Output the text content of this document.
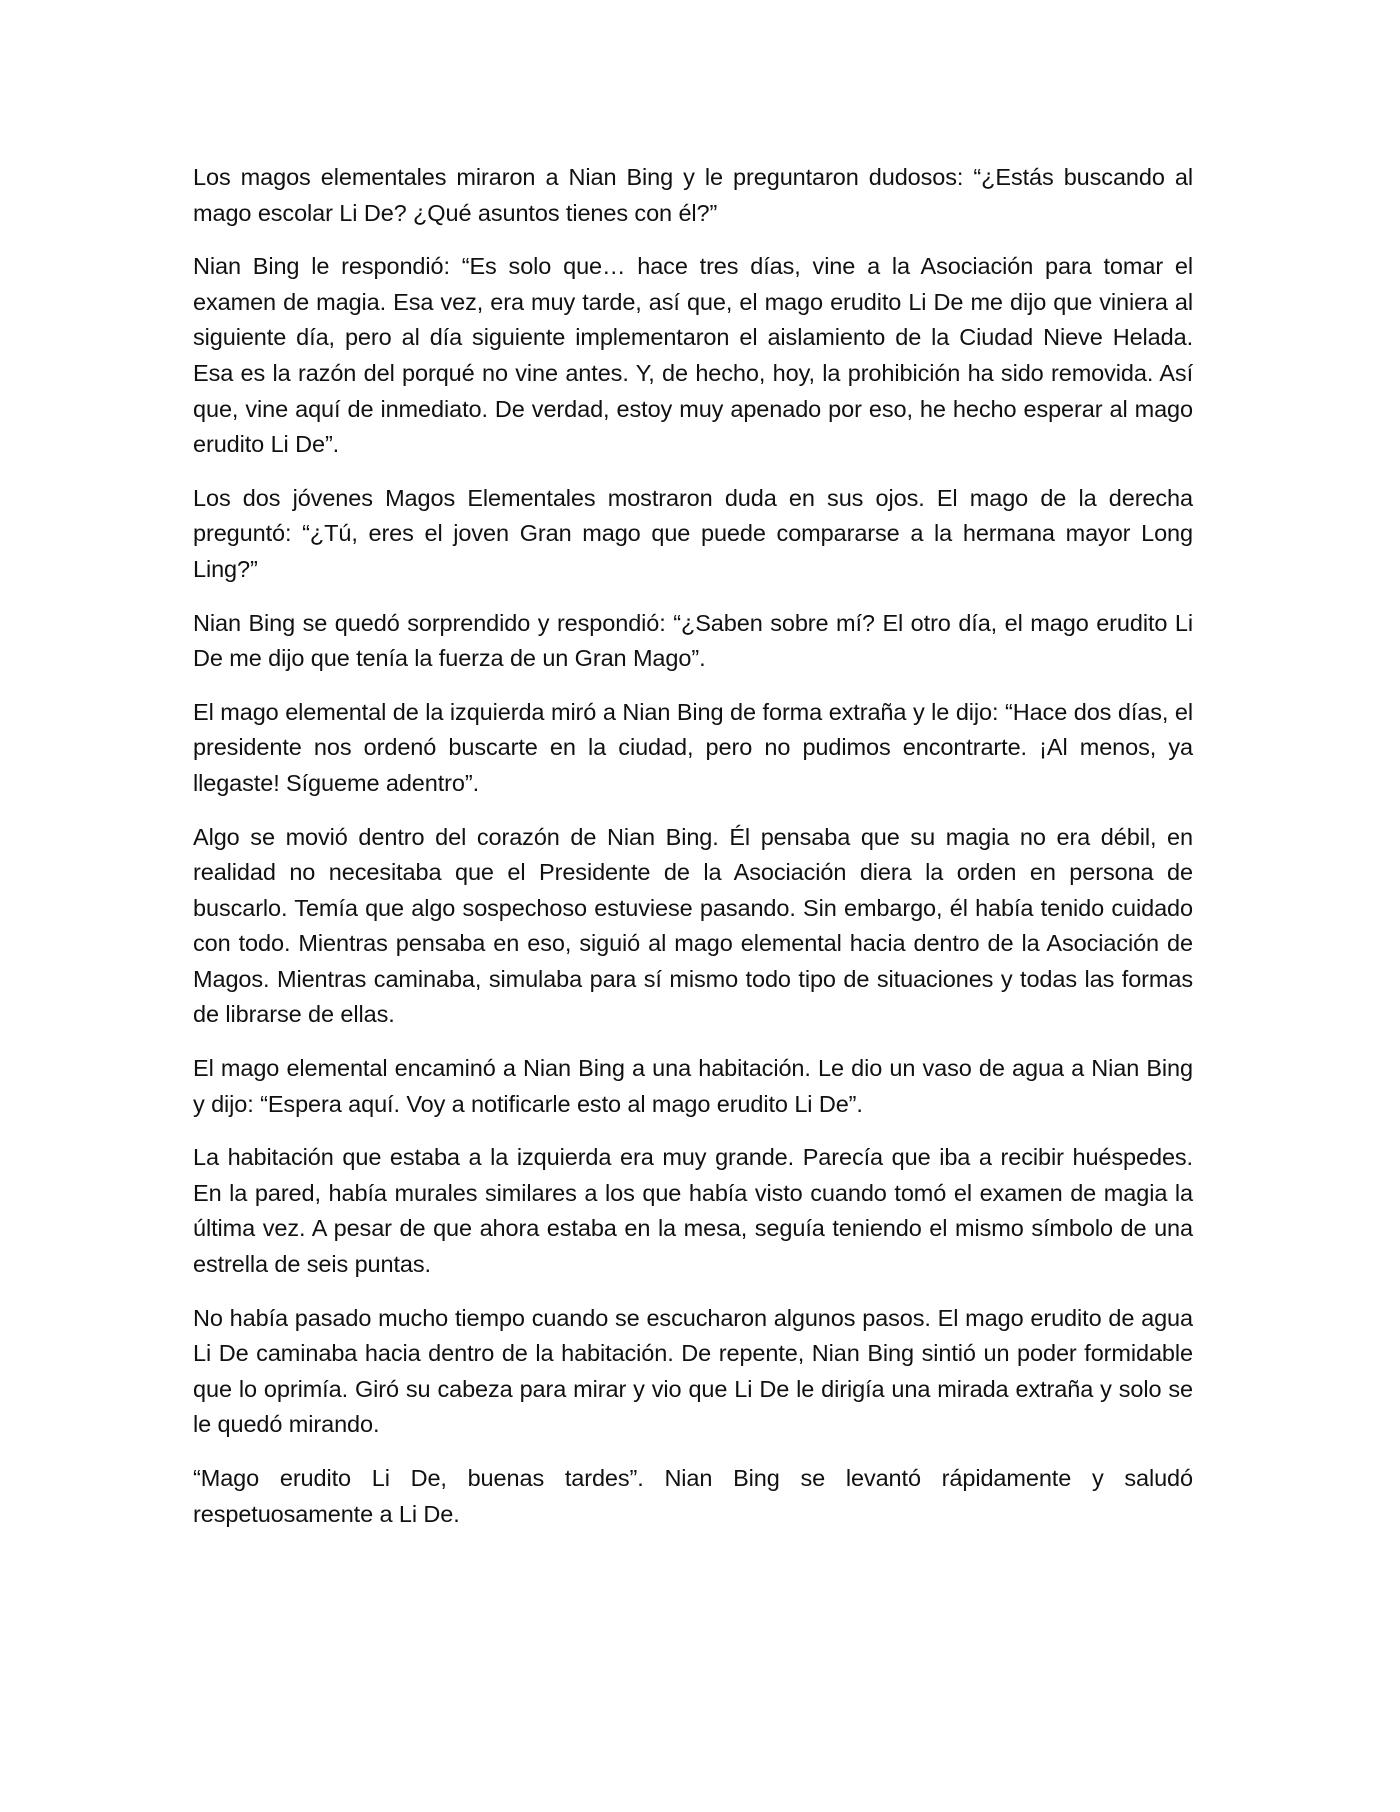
Los magos elementales miraron a Nian Bing y le preguntaron dudosos: “¿Estás buscando al mago escolar Li De? ¿Qué asuntos tienes con él?”

Nian Bing le respondió: “Es solo que… hace tres días, vine a la Asociación para tomar el examen de magia. Esa vez, era muy tarde, así que, el mago erudito Li De me dijo que viniera al siguiente día, pero al día siguiente implementaron el aislamiento de la Ciudad Nieve Helada. Esa es la razón del porqué no vine antes. Y, de hecho, hoy, la prohibición ha sido removida. Así que, vine aquí de inmediato. De verdad, estoy muy apenado por eso, he hecho esperar al mago erudito Li De”.

Los dos jóvenes Magos Elementales mostraron duda en sus ojos. El mago de la derecha preguntó: “¿Tú, eres el joven Gran mago que puede compararse a la hermana mayor Long Ling?”

Nian Bing se quedó sorprendido y respondió: “¿Saben sobre mí? El otro día, el mago erudito Li De me dijo que tenía la fuerza de un Gran Mago”.

El mago elemental de la izquierda miró a Nian Bing de forma extraña y le dijo: “Hace dos días, el presidente nos ordenó buscarte en la ciudad, pero no pudimos encontrarte. ¡Al menos, ya llegaste! Sígueme adentro”.

Algo se movió dentro del corazón de Nian Bing. Él pensaba que su magia no era débil, en realidad no necesitaba que el Presidente de la Asociación diera la orden en persona de buscarlo. Temía que algo sospechoso estuviese pasando. Sin embargo, él había tenido cuidado con todo. Mientras pensaba en eso, siguió al mago elemental hacia dentro de la Asociación de Magos. Mientras caminaba, simulaba para sí mismo todo tipo de situaciones y todas las formas de librarse de ellas.

El mago elemental encaminó a Nian Bing a una habitación. Le dio un vaso de agua a Nian Bing y dijo: “Espera aquí. Voy a notificarle esto al mago erudito Li De”.

La habitación que estaba a la izquierda era muy grande. Parecía que iba a recibir huéspedes. En la pared, había murales similares a los que había visto cuando tomó el examen de magia la última vez. A pesar de que ahora estaba en la mesa, seguía teniendo el mismo símbolo de una estrella de seis puntas.

No había pasado mucho tiempo cuando se escucharon algunos pasos. El mago erudito de agua Li De caminaba hacia dentro de la habitación. De repente, Nian Bing sintió un poder formidable que lo oprimía. Giró su cabeza para mirar y vio que Li De le dirigía una mirada extraña y solo se le quedó mirando.

“Mago erudito Li De, buenas tardes”. Nian Bing se levantó rápidamente y saludó respetuosamente a Li De.
